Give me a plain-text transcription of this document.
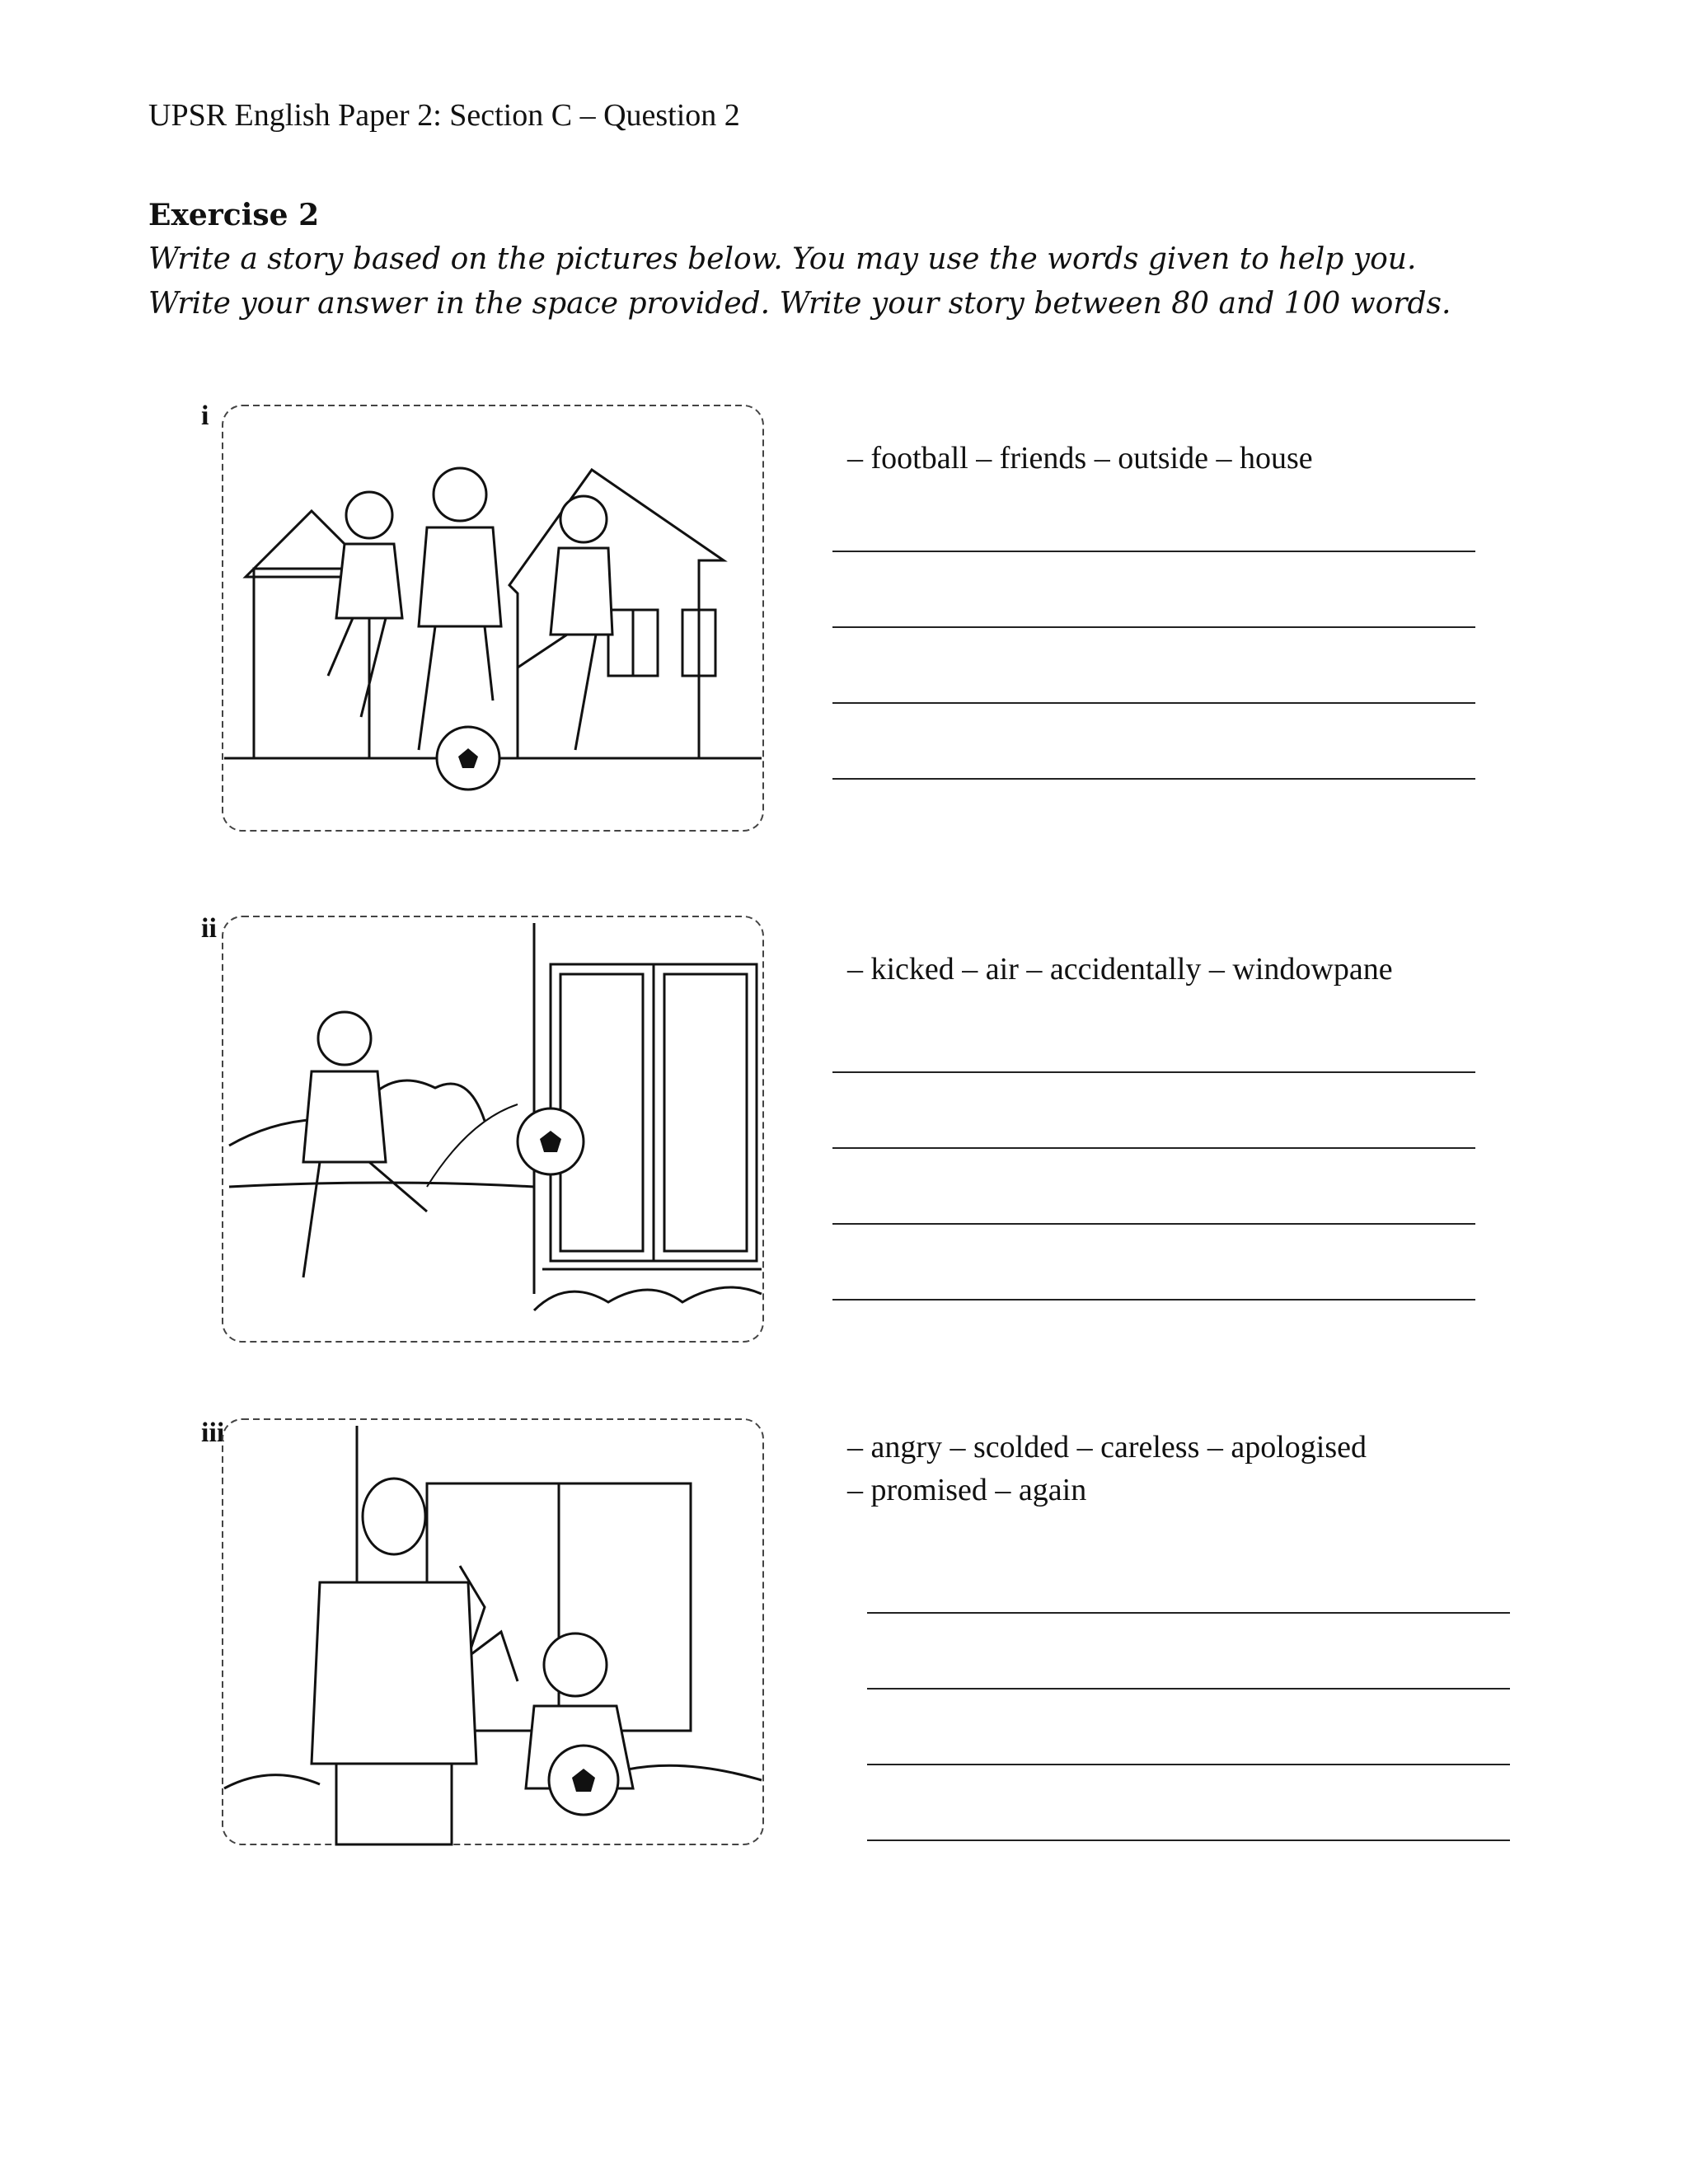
UPSR English Paper 2: Section C – Question 2
Exercise 2
Write a story based on the pictures below. You may use the words given to help you. Write your answer in the space provided. Write your story between 80 and 100 words.
i
– football – friends – outside – house
ii
– kicked – air – accidentally – windowpane
iii	– angry – scolded – careless – apologised
– promised – again
